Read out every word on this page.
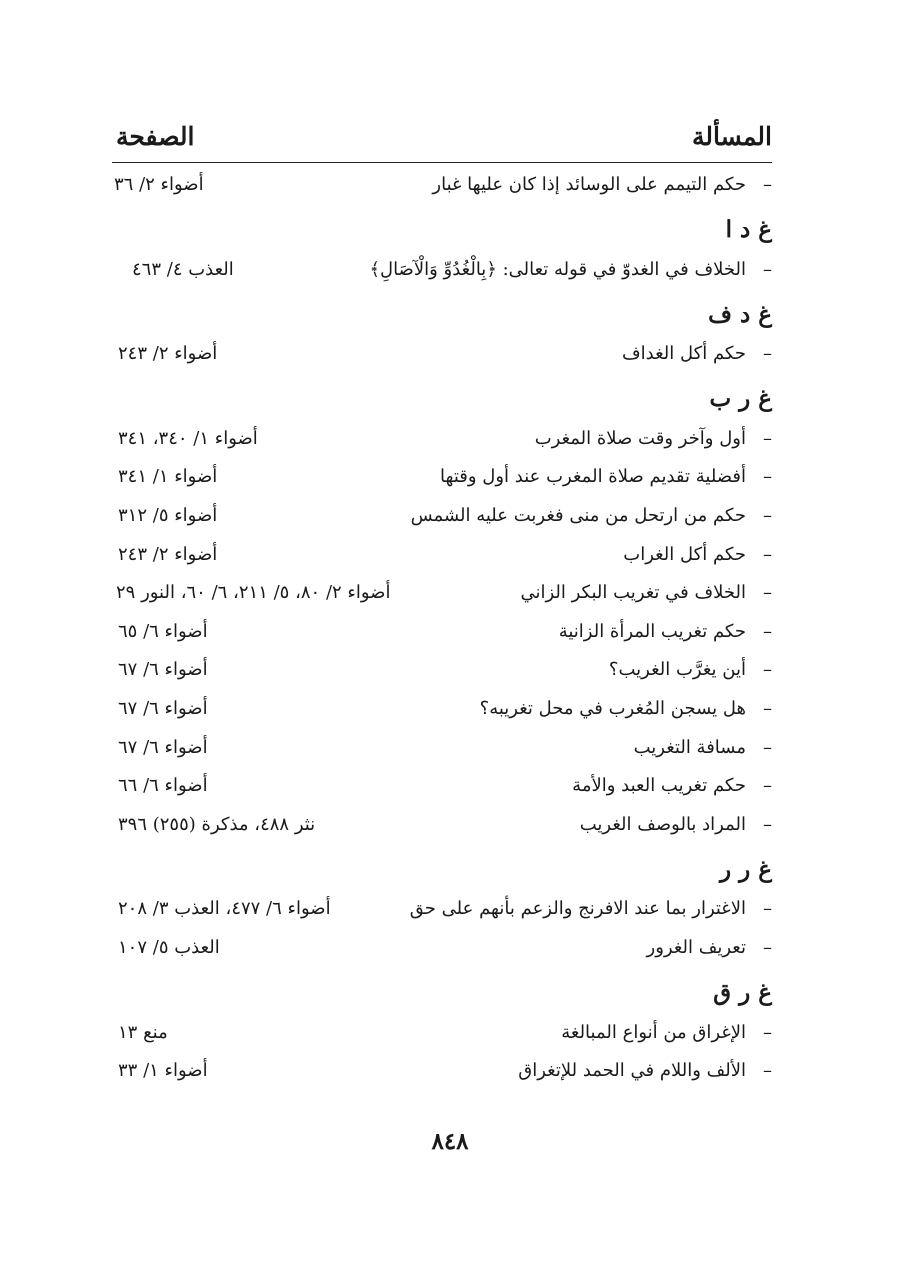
المسألة
الصفحة
–
حكم التيمم على الوسائد إذا كان عليها غبار
أضواء ٢/ ٣٦
غ د ا
–
الخلاف في الغدوّ في قوله تعالى: ﴿بِالْغُدُوِّ وَالْآصَالِ﴾
العذب ٤/ ٤٦٣
غ د ف
–
حكم أكل الغداف
أضواء ٢/ ٢٤٣
غ ر ب
–
أول وآخر وقت صلاة المغرب
أضواء ١/ ٣٤٠، ٣٤١
–
أفضلية تقديم صلاة المغرب عند أول وقتها
أضواء ١/ ٣٤١
–
حكم من ارتحل من منى فغربت عليه الشمس
أضواء ٥/ ٣١٢
–
حكم أكل الغراب
أضواء ٢/ ٢٤٣
–
الخلاف في تغريب البكر الزاني
أضواء ٢/ ٨٠، ٥/ ٢١١، ٦/ ٦٠، النور ٢٩
–
حكم تغريب المرأة الزانية
أضواء ٦/ ٦٥
–
أين يغرَّب الغريب؟
أضواء ٦/ ٦٧
–
هل يسجن المُغرب في محل تغريبه؟
أضواء ٦/ ٦٧
–
مسافة التغريب
أضواء ٦/ ٦٧
–
حكم تغريب العبد والأمة
أضواء ٦/ ٦٦
–
المراد بالوصف الغريب
نثر ٤٨٨، مذكرة (٢٥٥) ٣٩٦
غ ر ر
–
الاغترار بما عند الافرنج والزعم بأنهم على حق
أضواء ٦/ ٤٧٧، العذب ٣/ ٢٠٨
–
تعريف الغرور
العذب ٥/ ١٠٧
غ ر ق
–
الإغراق من أنواع المبالغة
منع ١٣
–
الألف واللام في الحمد للإتغراق
أضواء ١/ ٣٣
٨٤٨
